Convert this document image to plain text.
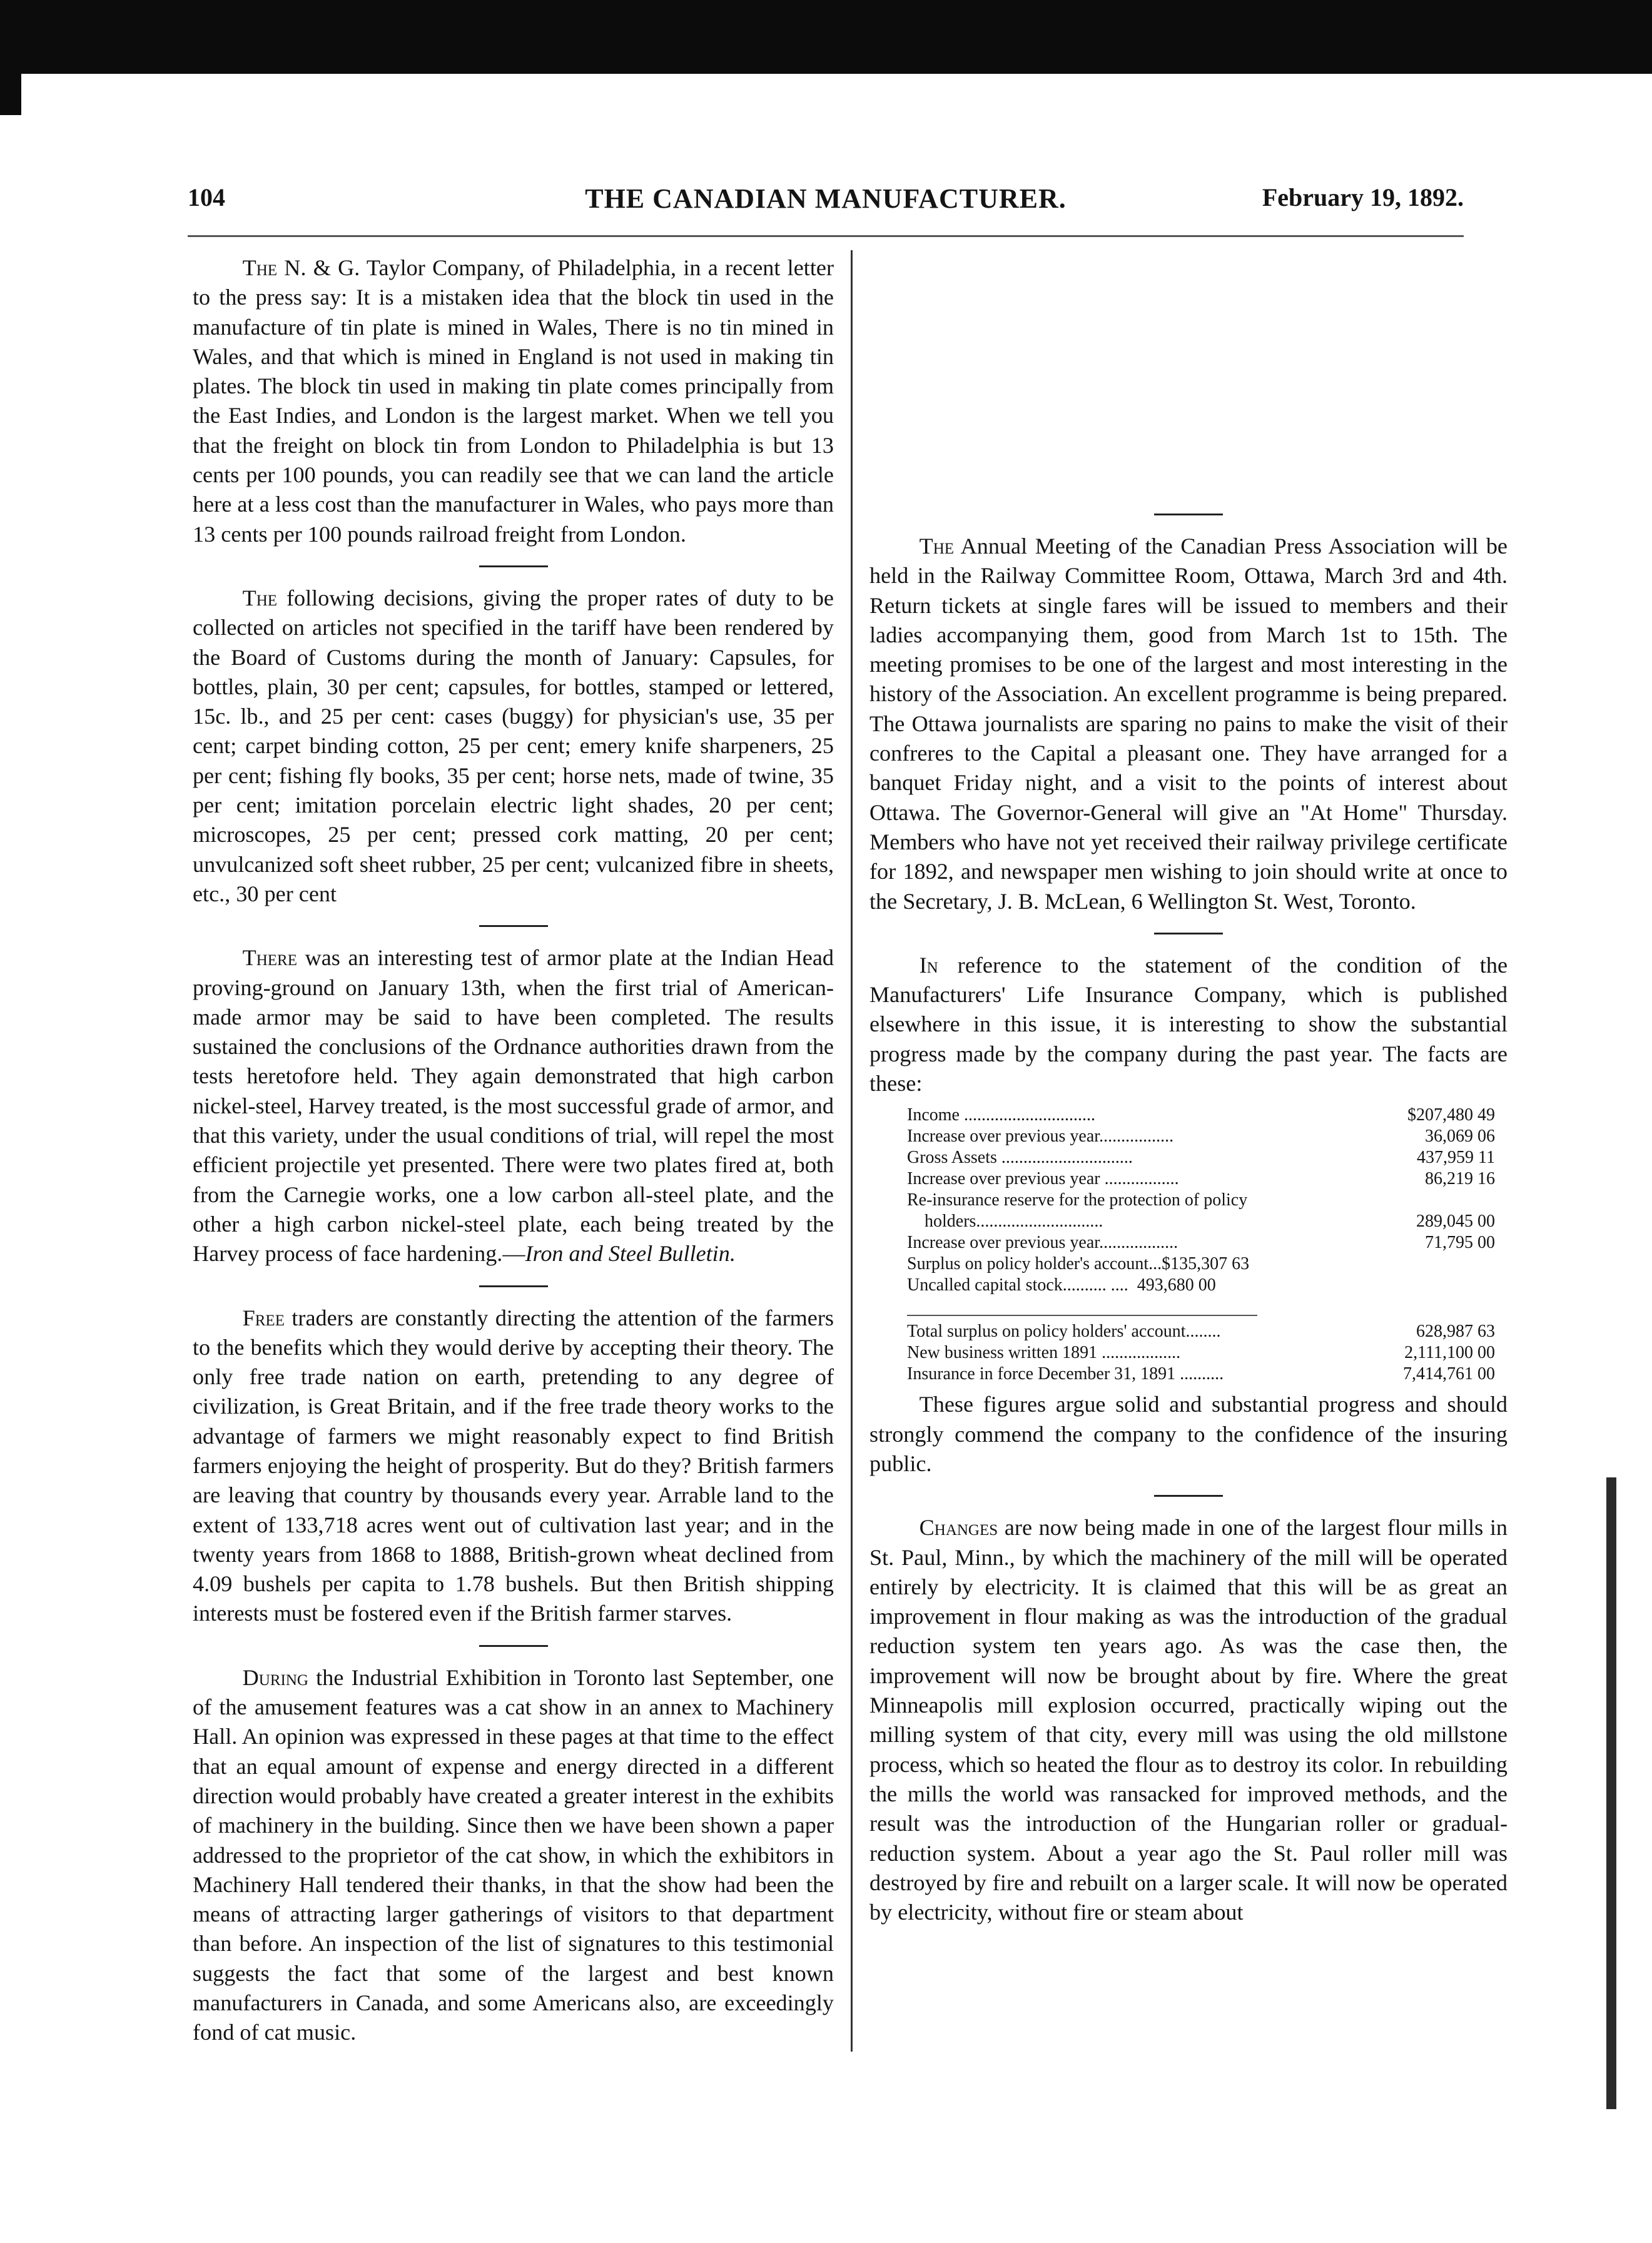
104	THE CANADIAN MANUFACTURER.	February 19, 1892.

The N. & G. Taylor Company, of Philadelphia, in a recent letter to the press say: It is a mistaken idea that the block tin used in the manufacture of tin plate is mined in Wales, There is no tin mined in Wales, and that which is mined in England is not used in making tin plates. The block tin used in making tin plate comes principally from the East Indies, and London is the largest market. When we tell you that the freight on block tin from London to Philadelphia is but 13 cents per 100 pounds, you can readily see that we can land the article here at a less cost than the manufacturer in Wales, who pays more than 13 cents per 100 pounds railroad freight from London.

The following decisions, giving the proper rates of duty to be collected on articles not specified in the tariff have been rendered by the Board of Customs during the month of January: Capsules, for bottles, plain, 30 per cent; capsules, for bottles, stamped or lettered, 15c. lb., and 25 per cent: cases (buggy) for physician's use, 35 per cent; carpet binding cotton, 25 per cent; emery knife sharpeners, 25 per cent; fishing fly books, 35 per cent; horse nets, made of twine, 35 per cent; imitation porcelain electric light shades, 20 per cent; microscopes, 25 per cent; pressed cork matting, 20 per cent; unvulcanized soft sheet rubber, 25 per cent; vulcanized fibre in sheets, etc., 30 per cent

There was an interesting test of armor plate at the Indian Head proving-ground on January 13th, when the first trial of American-made armor may be said to have been completed. The results sustained the conclusions of the Ordnance authorities drawn from the tests heretofore held. They again demonstrated that high carbon nickel-steel, Harvey treated, is the most successful grade of armor, and that this variety, under the usual conditions of trial, will repel the most efficient projectile yet presented. There were two plates fired at, both from the Carnegie works, one a low carbon all-steel plate, and the other a high carbon nickel-steel plate, each being treated by the Harvey process of face hardening.—Iron and Steel Bulletin.

Free traders are constantly directing the attention of the farmers to the benefits which they would derive by accepting their theory. The only free trade nation on earth, pretending to any degree of civilization, is Great Britain, and if the free trade theory works to the advantage of farmers we might reasonably expect to find British farmers enjoying the height of prosperity. But do they? British farmers are leaving that country by thousands every year. Arrable land to the extent of 133,718 acres went out of cultivation last year; and in the twenty years from 1868 to 1888, British-grown wheat declined from 4.09 bushels per capita to 1.78 bushels. But then British shipping interests must be fostered even if the British farmer starves.

During the Industrial Exhibition in Toronto last September, one of the amusement features was a cat show in an annex to Machinery Hall. An opinion was expressed in these pages at that time to the effect that an equal amount of expense and energy directed in a different direction would probably have created a greater interest in the exhibits of machinery in the building. Since then we have been shown a paper addressed to the proprietor of the cat show, in which the exhibitors in Machinery Hall tendered their thanks, in that the show had been the means of attracting larger gatherings of visitors to that department than before. An inspection of the list of signatures to this testimonial suggests the fact that some of the largest and best known manufacturers in Canada, and some Americans also, are exceedingly fond of cat music.

The Annual Meeting of the Canadian Press Association will be held in the Railway Committee Room, Ottawa, March 3rd and 4th. Return tickets at single fares will be issued to members and their ladies accompanying them, good from March 1st to 15th. The meeting promises to be one of the largest and most interesting in the history of the Association. An excellent programme is being prepared. The Ottawa journalists are sparing no pains to make the visit of their confreres to the Capital a pleasant one. They have arranged for a banquet Friday night, and a visit to the points of interest about Ottawa. The Governor-General will give an "At Home" Thursday. Members who have not yet received their railway privilege certificate for 1892, and newspaper men wishing to join should write at once to the Secretary, J. B. McLean, 6 Wellington St. West, Toronto.

In reference to the statement of the condition of the Manufacturers' Life Insurance Company, which is published elsewhere in this issue, it is interesting to show the substantial progress made by the company during the past year. The facts are these:

Income ..............................	$207,480 49
Increase over previous year.................	36,069 06
Gross Assets ..............................	437,959 11
Increase over previous year .................	86,219 16
Re-insurance reserve for the protection of policy
holders.............................	289,045 00
Increase over previous year..................	71,795 00
Surplus on policy holder's account...$135,307 63
Uncalled capital stock.......... ....  493,680 00
Total surplus on policy holders' account........	628,987 63
New business written 1891 ..................	2,111,100 00
Insurance in force December 31, 1891 ..........	7,414,761 00

These figures argue solid and substantial progress and should strongly commend the company to the confidence of the insuring public.

Changes are now being made in one of the largest flour mills in St. Paul, Minn., by which the machinery of the mill will be operated entirely by electricity. It is claimed that this will be as great an improvement in flour making as was the introduction of the gradual reduction system ten years ago. As was the case then, the improvement will now be brought about by fire. Where the great Minneapolis mill explosion occurred, practically wiping out the milling system of that city, every mill was using the old millstone process, which so heated the flour as to destroy its color. In rebuilding the mills the world was ransacked for improved methods, and the result was the introduction of the Hungarian roller or gradual-reduction system. About a year ago the St. Paul roller mill was destroyed by fire and rebuilt on a larger scale. It will now be operated by electricity, without fire or steam about
